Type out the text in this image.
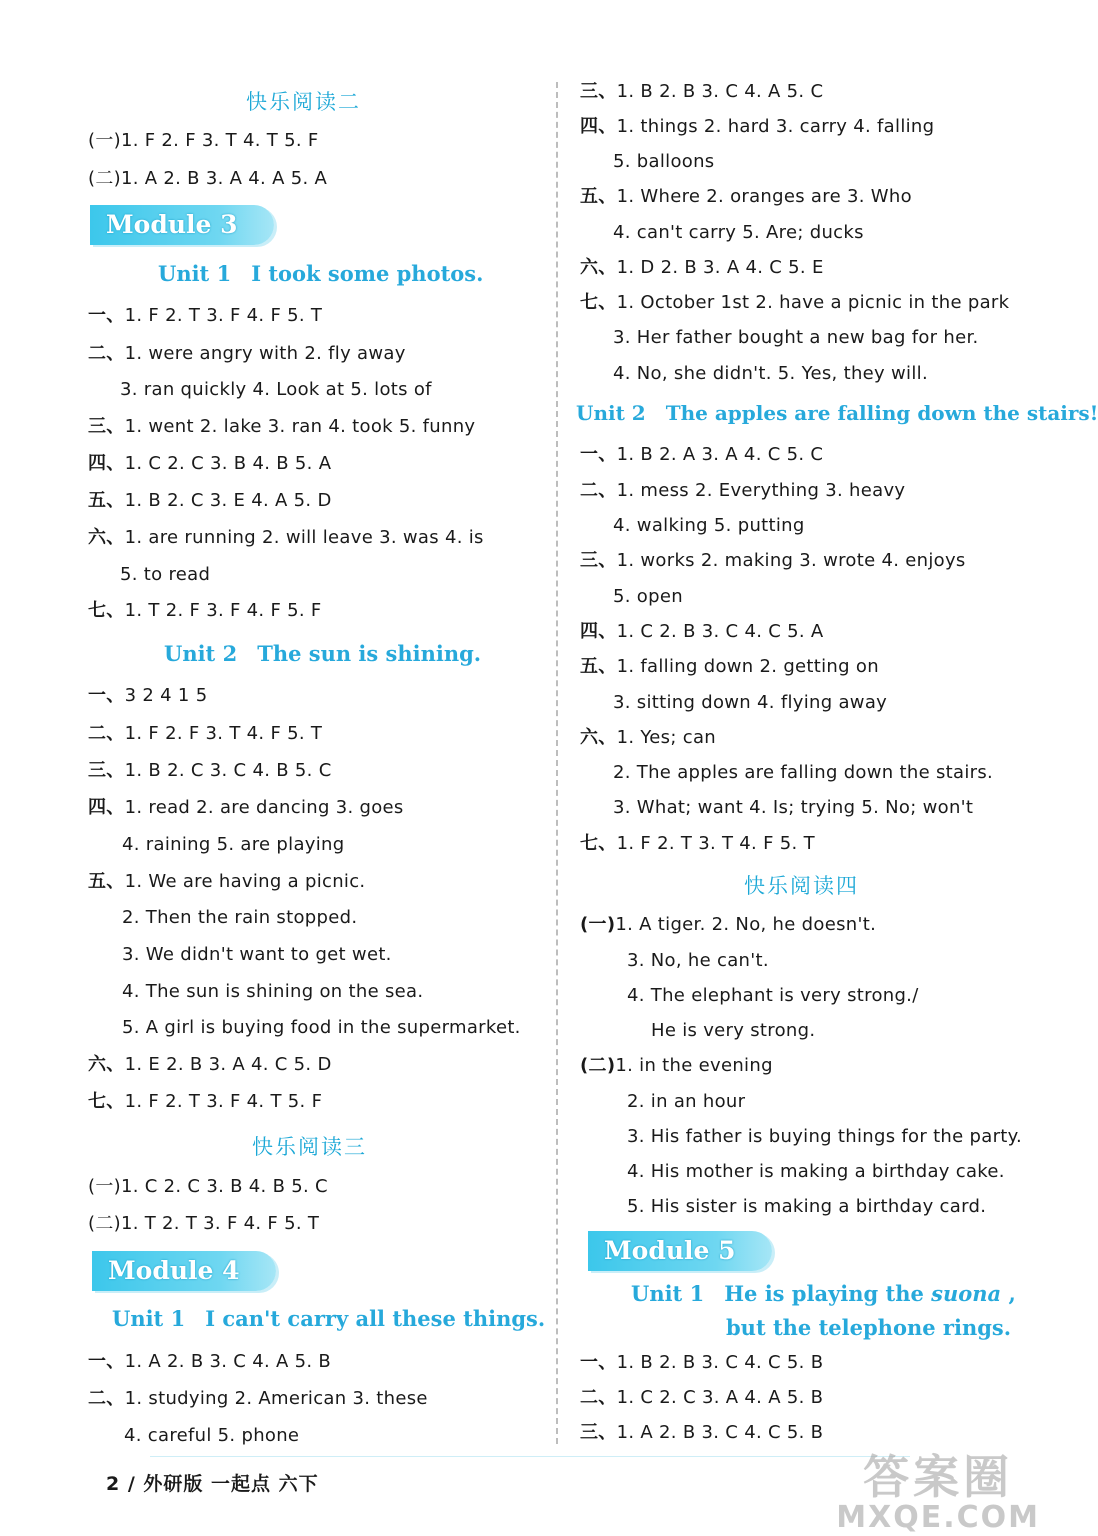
快乐阅读二
(一)1. F 2. F 3. T 4. T 5. F
(二)1. A 2. B 3. A 4. A 5. A
Module 3
Unit 1 I took some photos.
一、1. F 2. T 3. F 4. F 5. T
二、1. were angry with 2. fly away
3. ran quickly 4. Look at 5. lots of
三、1. went 2. lake 3. ran 4. took 5. funny
四、1. C 2. C 3. B 4. B 5. A
五、1. B 2. C 3. E 4. A 5. D
六、1. are running 2. will leave 3. was 4. is
5. to read
七、1. T 2. F 3. F 4. F 5. F
Unit 2 The sun is shining.
一、3 2 4 1 5
二、1. F 2. F 3. T 4. F 5. T
三、1. B 2. C 3. C 4. B 5. C
四、1. read 2. are dancing 3. goes
4. raining 5. are playing
五、1. We are having a picnic.
2. Then the rain stopped.
3. We didn't want to get wet.
4. The sun is shining on the sea.
5. A girl is buying food in the supermarket.
六、1. E 2. B 3. A 4. C 5. D
七、1. F 2. T 3. F 4. T 5. F
快乐阅读三
(一)1. C 2. C 3. B 4. B 5. C
(二)1. T 2. T 3. F 4. F 5. T
Module 4
Unit 1 I can't carry all these things.
一、1. A 2. B 3. C 4. A 5. B
二、1. studying 2. American 3. these
4. careful 5. phone
三、1. B 2. B 3. C 4. A 5. C
四、1. things 2. hard 3. carry 4. falling
5. balloons
五、1. Where 2. oranges are 3. Who
4. can't carry 5. Are; ducks
六、1. D 2. B 3. A 4. C 5. E
七、1. October 1st 2. have a picnic in the park
3. Her father bought a new bag for her.
4. No, she didn't. 5. Yes, they will.
Unit 2 The apples are falling down the stairs!
一、1. B 2. A 3. A 4. C 5. C
二、1. mess 2. Everything 3. heavy
4. walking 5. putting
三、1. works 2. making 3. wrote 4. enjoys
5. open
四、1. C 2. B 3. C 4. C 5. A
五、1. falling down 2. getting on
3. sitting down 4. flying away
六、1. Yes; can
2. The apples are falling down the stairs.
3. What; want 4. Is; trying 5. No; won't
七、1. F 2. T 3. T 4. F 5. T
快乐阅读四
(一)1. A tiger. 2. No, he doesn't.
3. No, he can't.
4. The elephant is very strong./
He is very strong.
(二)1. in the evening
2. in an hour
3. His father is buying things for the party.
4. His mother is making a birthday cake.
5. His sister is making a birthday card.
Module 5
Unit 1 He is playing the suona ,
but the telephone rings.
一、1. B 2. B 3. C 4. C 5. B
二、1. C 2. C 3. A 4. A 5. B
三、1. A 2. B 3. C 4. C 5. B
2 / 外研版 一起点 六下	答案圈
MXQE.COM
